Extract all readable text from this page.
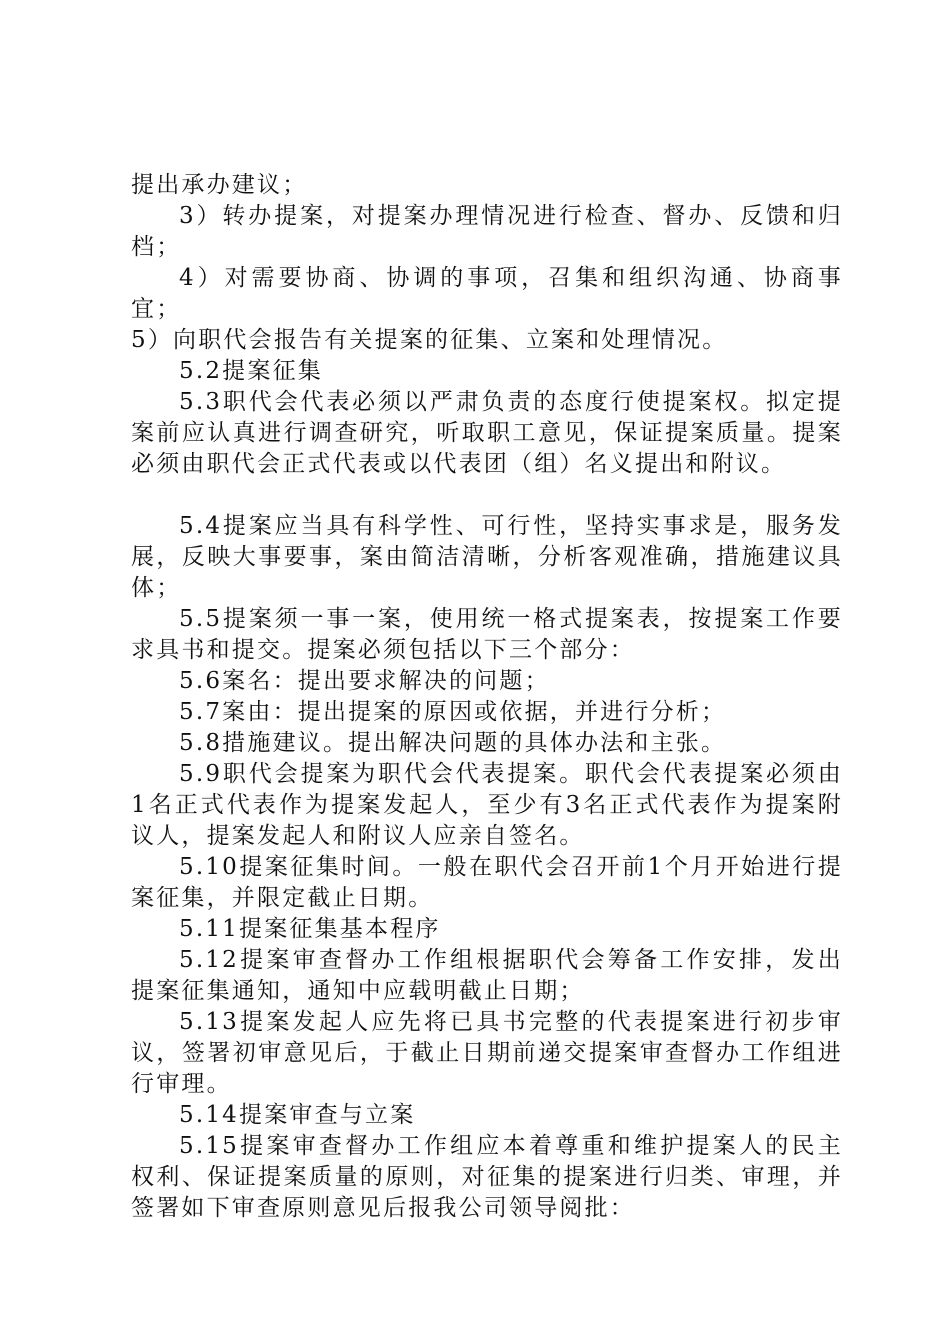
提出承办建议；

3）转办提案，对提案办理情况进行检查、督办、反馈和归档；

4）对需要协商、协调的事项，召集和组织沟通、协商事宜；

5）向职代会报告有关提案的征集、立案和处理情况。

5.2提案征集

5.3职代会代表必须以严肃负责的态度行使提案权。拟定提案前应认真进行调查研究，听取职工意见，保证提案质量。提案必须由职代会正式代表或以代表团（组）名义提出和附议。

5.4提案应当具有科学性、可行性，坚持实事求是，服务发展，反映大事要事，案由简洁清晰，分析客观准确，措施建议具体；

5.5提案须一事一案，使用统一格式提案表，按提案工作要求具书和提交。提案必须包括以下三个部分：

5.6案名：提出要求解决的问题；

5.7案由：提出提案的原因或依据，并进行分析；

5.8措施建议。提出解决问题的具体办法和主张。

5.9职代会提案为职代会代表提案。职代会代表提案必须由1名正式代表作为提案发起人，至少有3名正式代表作为提案附议人，提案发起人和附议人应亲自签名。

5.10提案征集时间。一般在职代会召开前1个月开始进行提案征集，并限定截止日期。

5.11提案征集基本程序

5.12提案审查督办工作组根据职代会筹备工作安排，发出提案征集通知，通知中应载明截止日期；

5.13提案发起人应先将已具书完整的代表提案进行初步审议，签署初审意见后，于截止日期前递交提案审查督办工作组进行审理。

5.14提案审查与立案

5.15提案审查督办工作组应本着尊重和维护提案人的民主权利、保证提案质量的原则，对征集的提案进行归类、审理，并签署如下审查原则意见后报我公司领导阅批：
